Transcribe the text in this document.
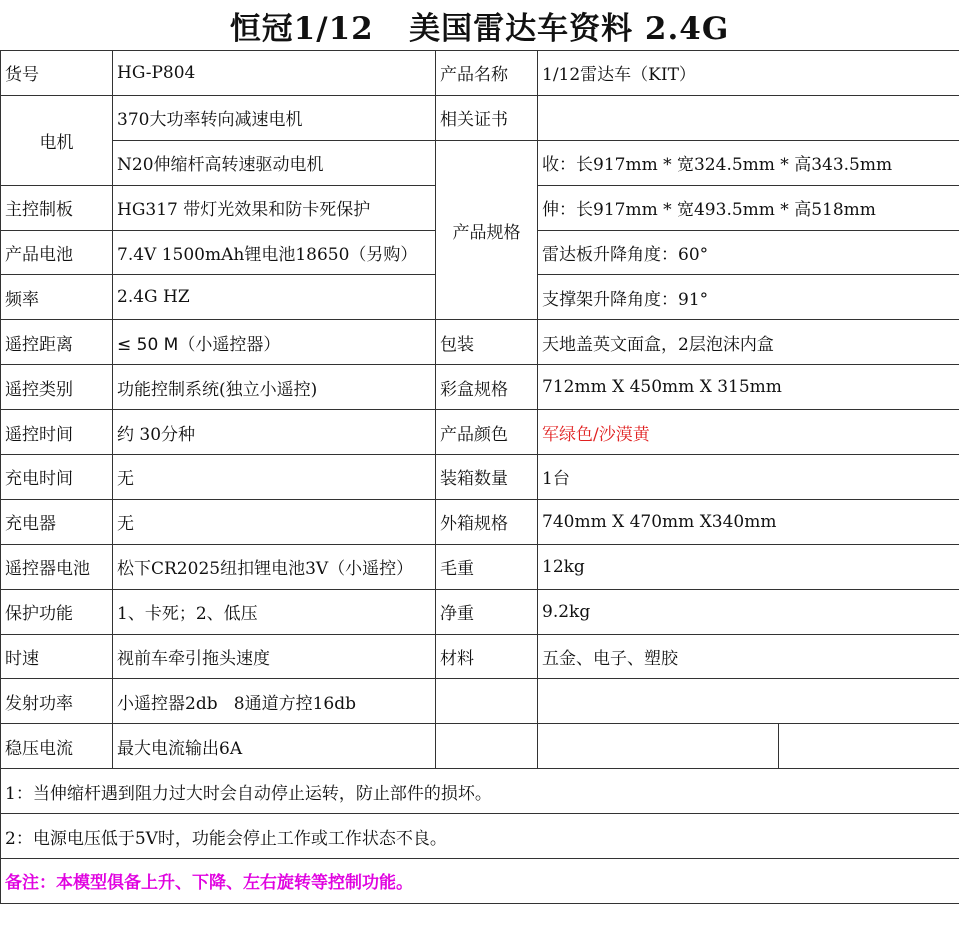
恒冠1/12   美国雷达车资料 2.4G
货号	HG-P804	产品名称	1/12雷达车（KIT）	
电机	370大功率转向减速电机	相关证书		
	N20伸缩杆高转速驱动电机	产品规格	收：长917mm * 宽324.5mm * 高343.5mm	
主控制板	HG317 带灯光效果和防卡死保护		伸：长917mm * 宽493.5mm * 高518mm	
产品电池	7.4V 1500mAh锂电池18650（另购）		雷达板升降角度：60°	
频率	2.4G HZ		支撑架升降角度：91°	
遥控距离	≤ 50 M（小遥控器）	包装	天地盖英文面盒，2层泡沫内盒	
遥控类别	功能控制系统(独立小遥控)	彩盒规格	712mm X 450mm X 315mm	
遥控时间	约 30分种	产品颜色	军绿色/沙漠黄	
充电时间	无	装箱数量	1台	
充电器	无	外箱规格	740mm X 470mm X340mm	
遥控器电池	松下CR2025纽扣锂电池3V（小遥控）	毛重	12kg	
保护功能	1、卡死；2、低压	净重	9.2kg	
时速	视前车牵引拖头速度	材料	五金、电子、塑胶	
发射功率	小遥控器2db   8通道方控16db			
稳压电流	最大电流输出6A			
1：当伸缩杆遇到阻力过大时会自动停止运转，防止部件的损坏。				
2：电源电压低于5V时，功能会停止工作或工作状态不良。				
备注：本模型俱备上升、下降、左右旋转等控制功能。				
